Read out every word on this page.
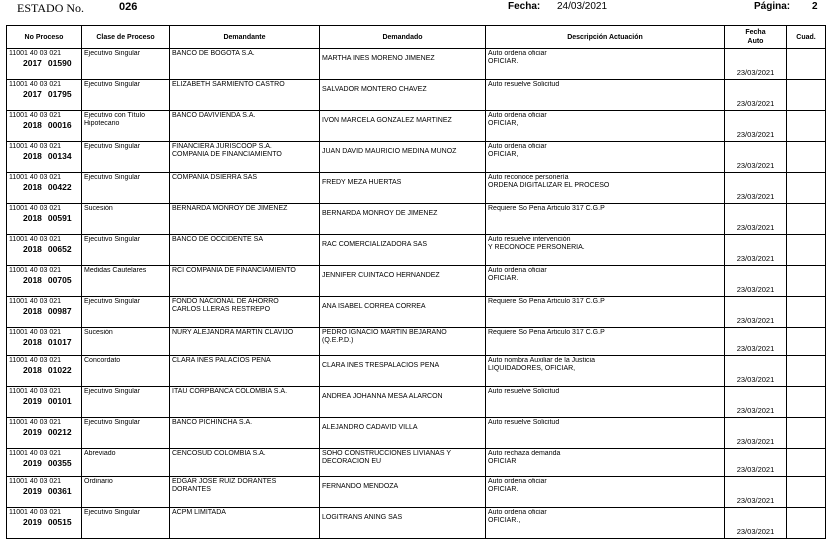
ESTADO No.	026	Fecha: 24/03/2021	Página: 2
No Proceso	Clase de Proceso	Demandante	Demandado	Descripción Actuación	Fecha
Auto	Cuad.

11001 40 03 021
2017 01590	Ejecutivo Singular	BANCO DE BOGOTA S.A.	MARTHA INES MORENO JIMENEZ	Auto ordena oficiar
OFICIAR.	23/03/2021	

11001 40 03 021
2017 01795	Ejecutivo Singular	ELIZABETH SARMIENTO CASTRO	SALVADOR MONTERO CHAVEZ	Auto resuelve Solicitud	23/03/2021	

11001 40 03 021
2018 00016	Ejecutivo con Título
Hipotecario	BANCO DAVIVIENDA S.A.	IVON MARCELA GONZALEZ MARTINEZ	Auto ordena oficiar
OFICIAR,	23/03/2021	

11001 40 03 021
2018 00134	Ejecutivo Singular	FINANCIERA JURISCOOP S.A.
COMPAÑIA DE FINANCIAMIENTO	JUAN DAVID MAURICIO MEDINA MUÑOZ	Auto ordena oficiar
OFICIAR,	23/03/2021	

11001 40 03 021
2018 00422	Ejecutivo Singular	COMPAÑIA DSIERRA SAS	FREDY MEZA HUERTAS	Auto reconoce personería
ORDENA DIGITALIZAR EL PROCESO	23/03/2021	

11001 40 03 021
2018 00591	Sucesión	BERNARDA MONROY DE JIMENEZ	BERNARDA MONROY DE JIMENEZ	Requiere So Pena Articulo 317 C.G.P	23/03/2021	

11001 40 03 021
2018 00652	Ejecutivo Singular	BANCO DE OCCIDENTE SA	RAC COMERCIALIZADORA SAS	Auto resuelve intervención
Y RECONOCE PERSONERIA.	23/03/2021	

11001 40 03 021
2018 00705	Medidas Cautelares	RCI COMPAÑIA DE FINANCIAMIENTO	JENNIFER CUINTACO HERNANDEZ	Auto ordena oficiar
OFICIAR.	23/03/2021	

11001 40 03 021
2018 00987	Ejecutivo Singular	FONDO NACIONAL DE AHORRO
CARLOS LLERAS RESTREPO	ANA ISABEL CORREA CORREA	Requiere So Pena Articulo 317 C.G.P	23/03/2021	

11001 40 03 021
2018 01017	Sucesión	NURY ALEJANDRA MARTIN CLAVIJO	PEDRO IGNACIO MARTIN BEJARANO
(Q.E.P.D.)	Requiere So Pena Articulo 317 C.G.P	23/03/2021	

11001 40 03 021
2018 01022	Concordato	CLARA INES PALACIOS PEÑA	CLARA INES TRESPALACIOS PEÑA	Auto nombra Auxiliar de la Justicia
LIQUIDADORES, OFICIAR,	23/03/2021	

11001 40 03 021
2019 00101	Ejecutivo Singular	ITAU CORPBANCA COLOMBIA S.A.	ANDREA JOHANNA MESA ALARCON	Auto resuelve Solicitud	23/03/2021	

11001 40 03 021
2019 00212	Ejecutivo Singular	BANCO PICHINCHA S.A.	ALEJANDRO CADAVID VILLA	Auto resuelve Solicitud	23/03/2021	

11001 40 03 021
2019 00355	Abreviado	CENCOSUD COLOMBIA S.A.	SOHO CONSTRUCCIONES LIVIANAS Y
DECORACION EU	Auto rechaza demanda
OFICIAR	23/03/2021	

11001 40 03 021
2019 00361	Ordinario	EDGAR JOSE RUIZ DORANTES
DORANTES	FERNANDO MENDOZA	Auto ordena oficiar
OFICIAR.	23/03/2021	

11001 40 03 021
2019 00515	Ejecutivo Singular	ACPM LIMITADA	LOGITRANS ANING SAS	Auto ordena oficiar
OFICIAR.,	23/03/2021	
